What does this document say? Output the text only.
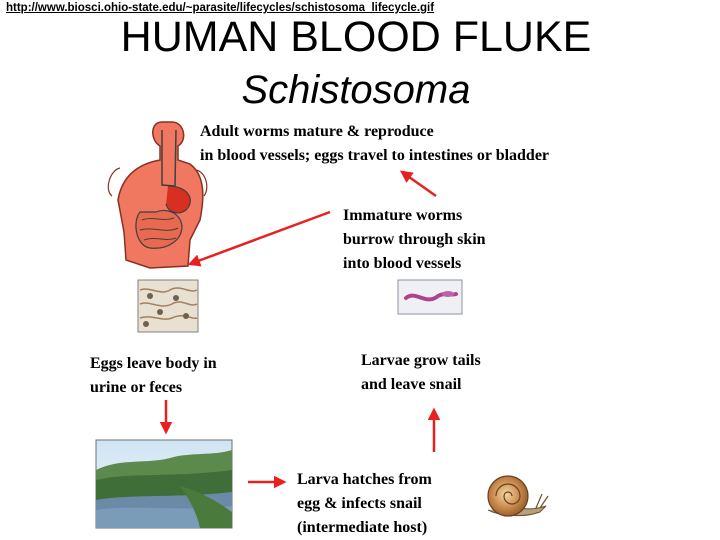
http://www.biosci.ohio-state.edu/~parasite/lifecycles/schistosoma_lifecycle.gif
HUMAN BLOOD FLUKE
Schistosoma
Adult worms mature & reproduce
in blood vessels; eggs travel to intestines or bladder
Immature worms
burrow through skin
into blood vessels
Eggs leave body in
urine or feces
Larvae grow tails
and leave snail
Larva hatches from
egg & infects snail
(intermediate host)
